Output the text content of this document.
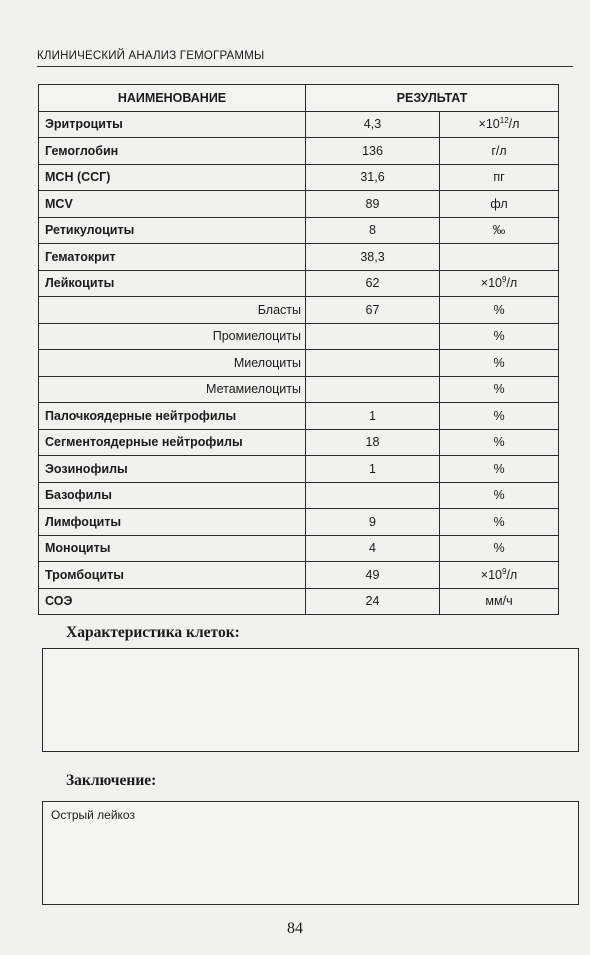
КЛИНИЧЕСКИЙ АНАЛИЗ ГЕМОГРАММЫ
НАИМЕНОВАНИЕ	РЕЗУЛЬТАТ	
Эритроциты	4,3	$\times 10^{12}/л$
Гемоглобин	136	г/л
МСН (ССГ)	31,6	пг
MCV	89	фл
Ретикулоциты	8	‰
Гематокрит	38,3	
Лейкоциты	62	$\times 10^9/л$
Бласты	67	%
Промиелоциты		%
Миелоциты		%
Метамиелоциты		%
Палочкоядерные нейтрофилы	1	%
Сегментоядерные нейтрофилы	18	%
Эозинофилы	1	%
Базофилы		%
Лимфоциты	9	%
Моноциты	4	%
Тромбоциты	49	$\times 10^9/л$
СОЭ	24	мм/ч
Характеристика клеток:
Заключение:
Острый лейкоз
84
